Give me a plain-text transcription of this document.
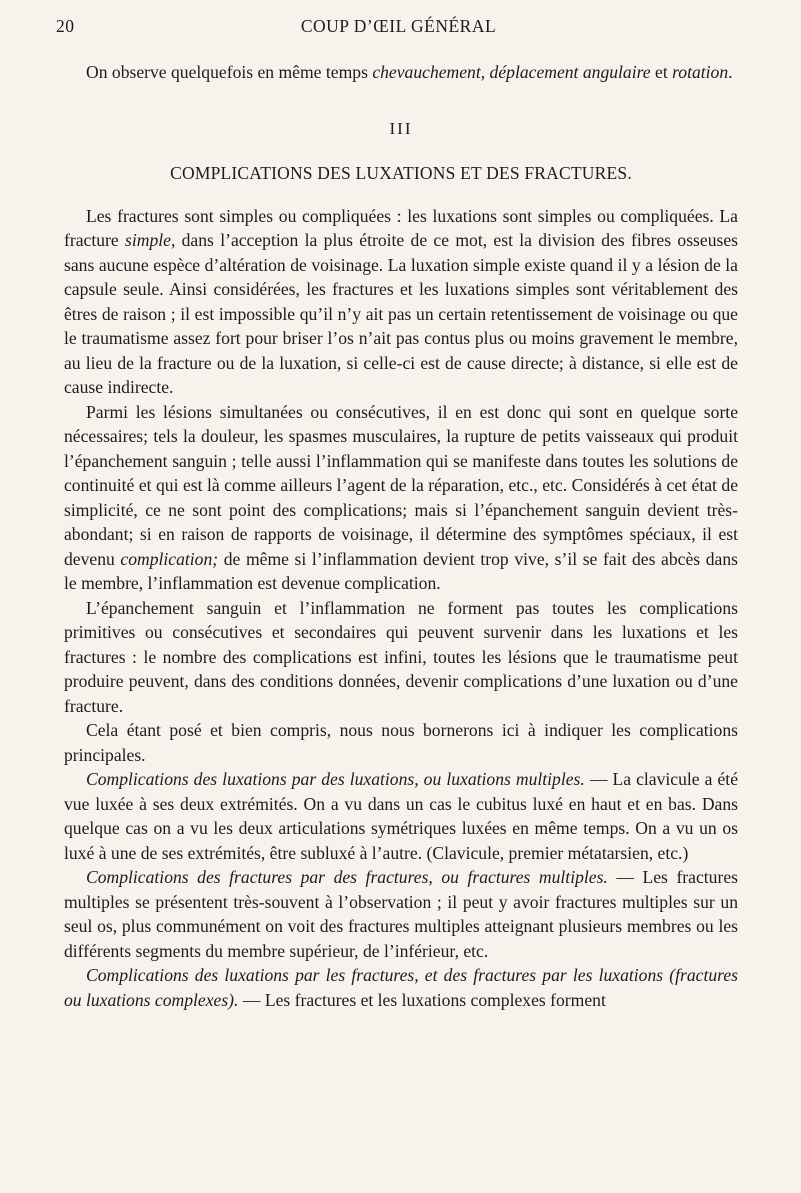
20	COUP D’ŒIL GÉNÉRAL

On observe quelquefois en même temps chevauchement, déplacement angulaire et rotation.

III

COMPLICATIONS DES LUXATIONS ET DES FRACTURES.

Les fractures sont simples ou compliquées : les luxations sont simples ou compliquées. La fracture simple, dans l’acception la plus étroite de ce mot, est la division des fibres osseuses sans aucune espèce d’altération de voisinage. La luxation simple existe quand il y a lésion de la capsule seule. Ainsi considérées, les fractures et les luxations simples sont véritablement des êtres de raison ; il est impossible qu’il n’y ait pas un certain retentissement de voisinage ou que le traumatisme assez fort pour briser l’os n’ait pas contus plus ou moins gravement le membre, au lieu de la fracture ou de la luxation, si celle-ci est de cause directe; à distance, si elle est de cause indirecte.

Parmi les lésions simultanées ou consécutives, il en est donc qui sont en quelque sorte nécessaires; tels la douleur, les spasmes musculaires, la rupture de petits vaisseaux qui produit l’épanchement sanguin ; telle aussi l’inflammation qui se manifeste dans toutes les solutions de continuité et qui est là comme ailleurs l’agent de la réparation, etc., etc. Considérés à cet état de simplicité, ce ne sont point des complications; mais si l’épanchement sanguin devient très-abondant; si en raison de rapports de voisinage, il détermine des symptômes spéciaux, il est devenu complication; de même si l’inflammation devient trop vive, s’il se fait des abcès dans le membre, l’inflammation est devenue complication.

L’épanchement sanguin et l’inflammation ne forment pas toutes les complications primitives ou consécutives et secondaires qui peuvent survenir dans les luxations et les fractures : le nombre des complications est infini, toutes les lésions que le traumatisme peut produire peuvent, dans des conditions données, devenir complications d’une luxation ou d’une fracture.

Cela étant posé et bien compris, nous nous bornerons ici à indiquer les complications principales.

Complications des luxations par des luxations, ou luxations multiples. — La clavicule a été vue luxée à ses deux extrémités. On a vu dans un cas le cubitus luxé en haut et en bas. Dans quelque cas on a vu les deux articulations symétriques luxées en même temps. On a vu un os luxé à une de ses extrémités, être subluxé à l’autre. (Clavicule, premier métatarsien, etc.)

Complications des fractures par des fractures, ou fractures multiples. — Les fractures multiples se présentent très-souvent à l’observation ; il peut y avoir fractures multiples sur un seul os, plus communément on voit des fractures multiples atteignant plusieurs membres ou les différents segments du membre supérieur, de l’inférieur, etc.

Complications des luxations par les fractures, et des fractures par les luxations (fractures ou luxations complexes). — Les fractures et les luxations complexes forment
